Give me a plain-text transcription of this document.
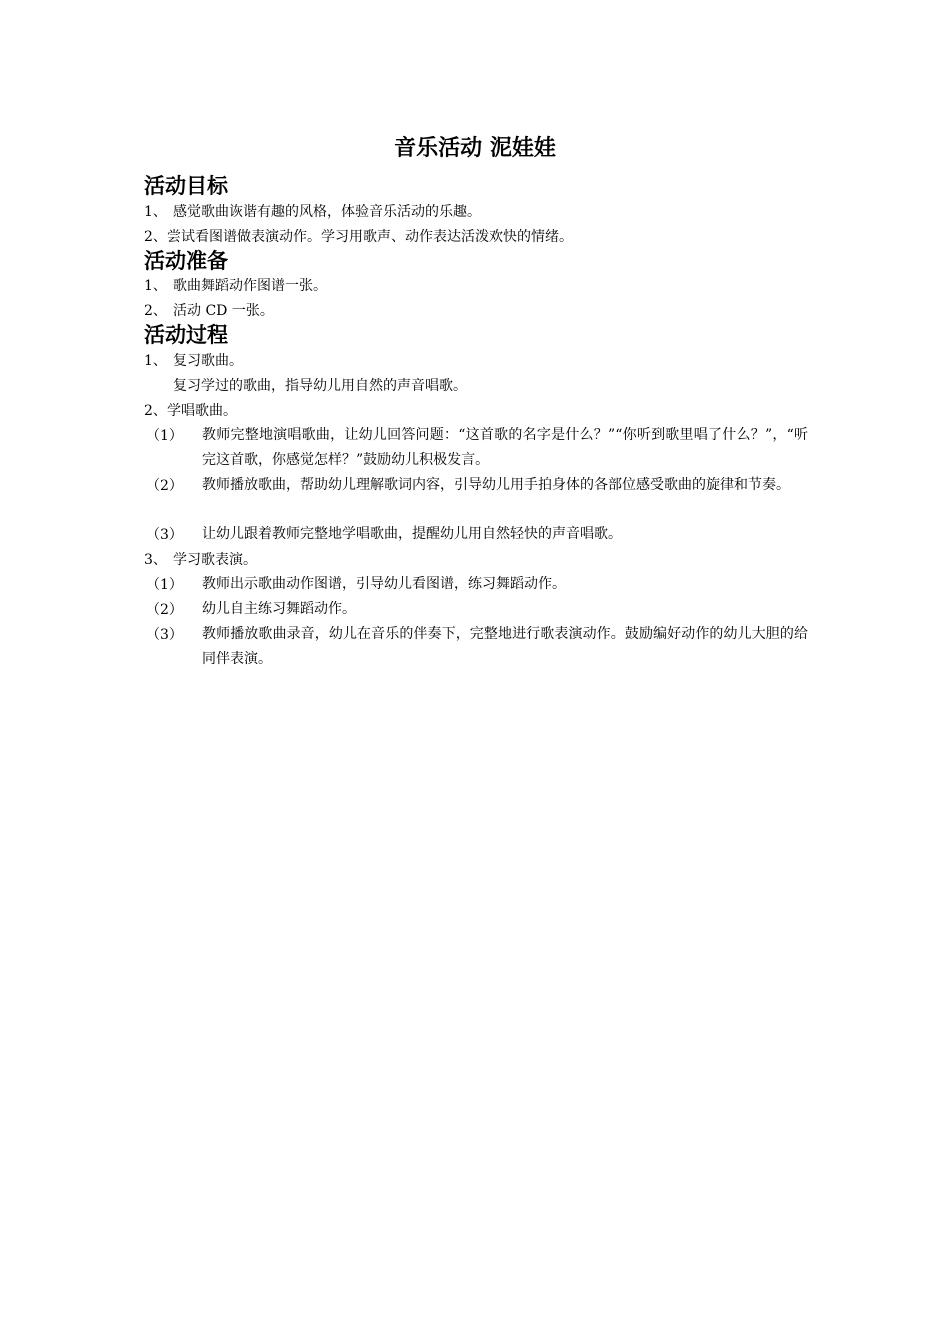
音乐活动 泥娃娃
活动目标
1、 感觉歌曲诙谐有趣的风格，体验音乐活动的乐趣。
2、 尝试看图谱做表演动作。学习用歌声、动作表达活泼欢快的情绪。
活动准备
1、 歌曲舞蹈动作图谱一张。
2、 活动 CD 一张。
活动过程
1、 复习歌曲。
复习学过的歌曲，指导幼儿用自然的声音唱歌。
2、 学唱歌曲。
（1） 教师完整地演唱歌曲，让幼儿回答问题：“这首歌的名字是什么？”“你听到歌里唱了什么？”，“听完这首歌，你感觉怎样？”鼓励幼儿积极发言。
（2） 教师播放歌曲，帮助幼儿理解歌词内容，引导幼儿用手拍身体的各部位感受歌曲的旋律和节奏。
（3） 让幼儿跟着教师完整地学唱歌曲，提醒幼儿用自然轻快的声音唱歌。
3、 学习歌表演。
（1） 教师出示歌曲动作图谱，引导幼儿看图谱，练习舞蹈动作。
（2） 幼儿自主练习舞蹈动作。
（3） 教师播放歌曲录音，幼儿在音乐的伴奏下，完整地进行歌表演动作。鼓励编好动作的幼儿大胆的给同伴表演。
